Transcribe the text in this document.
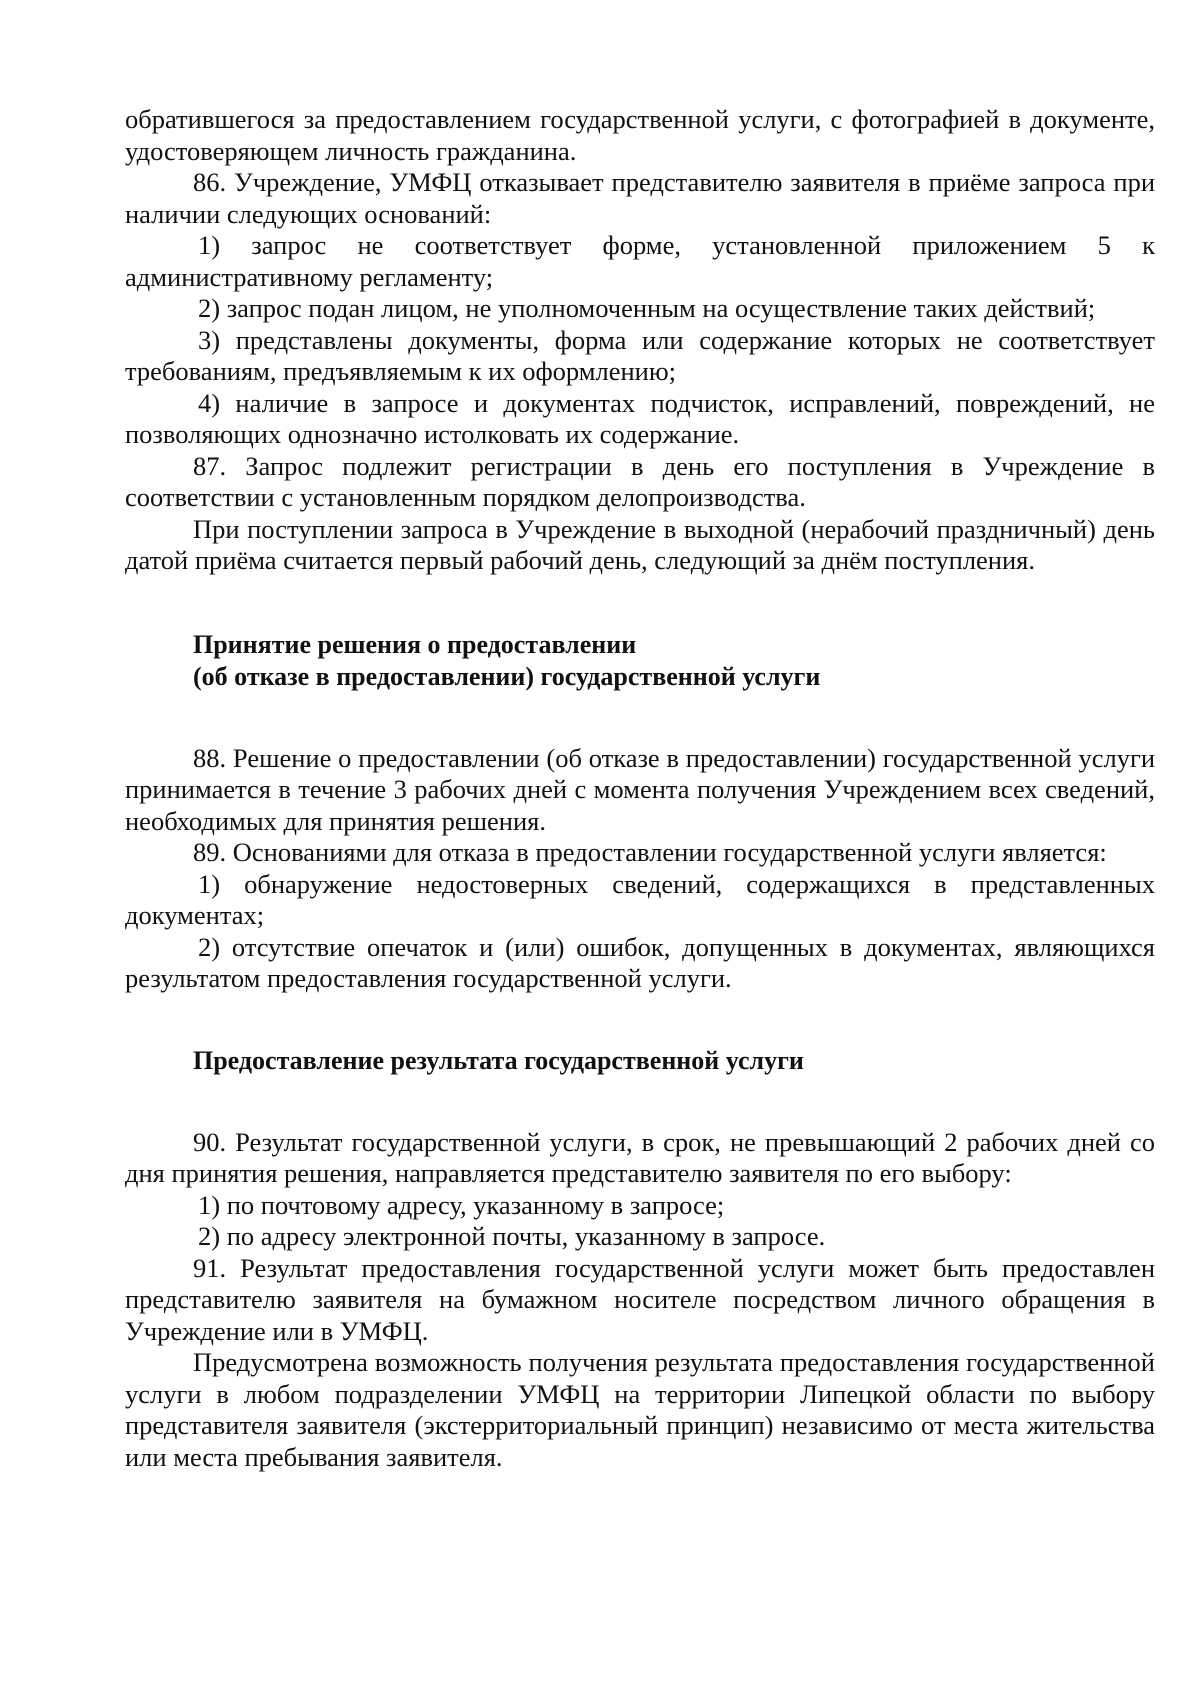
обратившегося за предоставлением государственной услуги, с фотографией в документе, удостоверяющем личность гражданина.

86. Учреждение, УМФЦ отказывает представителю заявителя в приёме запроса при наличии следующих оснований:

1) запрос не соответствует форме, установленной приложением 5 к административному регламенту;

2) запрос подан лицом, не уполномоченным на осуществление таких действий;

3) представлены документы, форма или содержание которых не соответствует требованиям, предъявляемым к их оформлению;

4) наличие в запросе и документах подчисток, исправлений, повреждений, не позволяющих однозначно истолковать их содержание.

87. Запрос подлежит регистрации в день его поступления в Учреждение в соответствии с установленным порядком делопроизводства.

При поступлении запроса в Учреждение в выходной (нерабочий праздничный) день датой приёма считается первый рабочий день, следующий за днём поступления.

Принятие решения о предоставлении
(об отказе в предоставлении) государственной услуги

88. Решение о предоставлении (об отказе в предоставлении) государственной услуги принимается в течение 3 рабочих дней с момента получения Учреждением всех сведений, необходимых для принятия решения.

89. Основаниями для отказа в предоставлении государственной услуги является:

1) обнаружение недостоверных сведений, содержащихся в представленных документах;

2) отсутствие опечаток и (или) ошибок, допущенных в документах, являющихся результатом предоставления государственной услуги.

Предоставление результата государственной услуги

90. Результат государственной услуги, в срок, не превышающий 2 рабочих дней со дня принятия решения, направляется представителю заявителя по его выбору:

1) по почтовому адресу, указанному в запросе;

2) по адресу электронной почты, указанному в запросе.

91. Результат предоставления государственной услуги может быть предоставлен представителю заявителя на бумажном носителе посредством личного обращения в Учреждение или в УМФЦ.

Предусмотрена возможность получения результата предоставления государственной услуги в любом подразделении УМФЦ на территории Липецкой области по выбору представителя заявителя (экстерриториальный принцип) независимо от места жительства или места пребывания заявителя.
